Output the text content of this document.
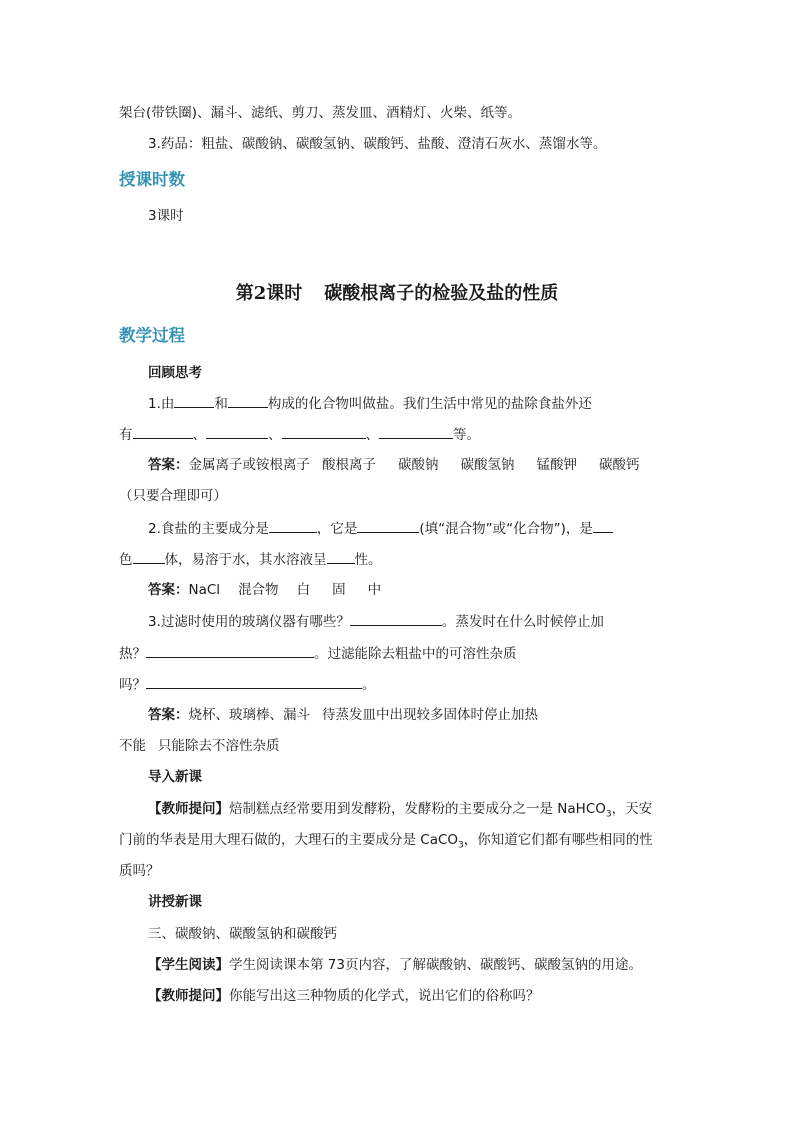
架台(带铁圈)、漏斗、滤纸、剪刀、蒸发皿、酒精灯、火柴、纸等。
3.药品：粗盐、碳酸钠、碳酸氢钠、碳酸钙、盐酸、澄清石灰水、蒸馏水等。
授课时数
3课时
第2课时 碳酸根离子的检验及盐的性质
教学过程
回顾思考
1.由	和	构成的化合物叫做盐。我们生活中常见的盐除食盐外还
有	、	、	、	等。
答案：金属离子或铵根离子 酸根离子 碳酸钠 碳酸氢钠 锰酸钾 碳酸钙
（只要合理即可）
2.食盐的主要成分是	，它是	(填“混合物”或“化合物”)，是
色 体，易溶于水，其水溶液呈 性。
答案：NaCl 混合物 白 固 中
3.过滤时使用的玻璃仪器有哪些？	。蒸发时在什么时候停止加
热？	。过滤能除去粗盐中的可溶性杂质
吗？	。
答案：烧杯、玻璃棒、漏斗 待蒸发皿中出现较多固体时停止加热
不能 只能除去不溶性杂质
导入新课
【教师提问】焙制糕点经常要用到发酵粉，发酵粉的主要成分之一是 NaHCO$_3$，天安
门前的华表是用大理石做的，大理石的主要成分是 CaCO$_3$，你知道它们都有哪些相同的性
质吗？
讲授新课
三、碳酸钠、碳酸氢钠和碳酸钙
【学生阅读】学生阅读课本第 73页内容，了解碳酸钠、碳酸钙、碳酸氢钠的用途。
【教师提问】你能写出这三种物质的化学式，说出它们的俗称吗？
